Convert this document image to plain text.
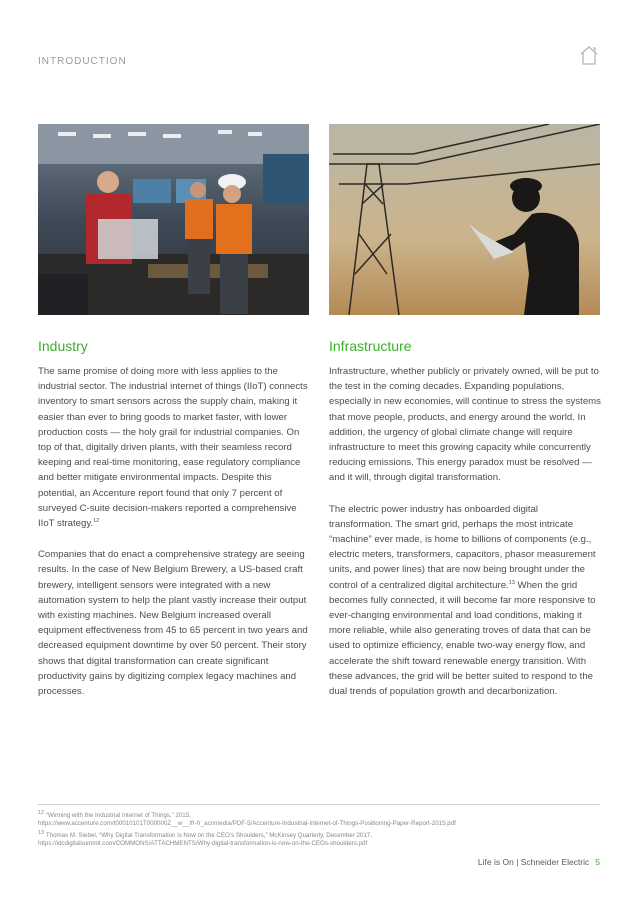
INTRODUCTION
Industry

The same promise of doing more with less applies to the industrial sector. The industrial internet of things (IIoT) connects inventory to smart sensors across the supply chain, making it easier than ever to bring goods to market faster, with lower production costs — the holy grail for industrial companies. On top of that, digitally driven plants, with their seamless record keeping and real-time monitoring, ease regulatory compliance and better mitigate environmental impacts. Despite this potential, an Accenture report found that only 7 percent of surveyed C-suite decision-makers reported a comprehensive IIoT strategy.$^{12}$

Companies that do enact a comprehensive strategy are seeing results. In the case of New Belgium Brewery, a US-based craft brewery, intelligent sensors were integrated with a new automation system to help the plant vastly increase their output with existing machines. New Belgium increased overall equipment effectiveness from 45 to 65 percent in two years and decreased equipment downtime by over 50 percent. Their story shows that digital transformation can create significant productivity gains by digitizing complex legacy machines and processes.

Infrastructure

Infrastructure, whether publicly or privately owned, will be put to the test in the coming decades. Expanding populations, especially in new economies, will continue to stress the systems that move people, products, and energy around the world. In addition, the urgency of global climate change will require infrastructure to meet this growing capacity while concurrently reducing emissions. This energy paradox must be resolved — and it will, through digital transformation.

The electric power industry has onboarded digital transformation. The smart grid, perhaps the most intricate “machine” ever made, is home to billions of components (e.g., electric meters, transformers, capacitors, phasor measurement units, and power lines) that are now being brought under the control of a centralized digital architecture.$^{13}$ When the grid becomes fully connected, it will become far more responsive to ever-changing environmental and load conditions, making it more reliable, while also generating troves of data that can be used to optimize efficiency, enable two-way energy flow, and accelerate the shift toward renewable energy transition. With these advances, the grid will be better suited to respond to the dual trends of population growth and decarbonization.

$^{12}$ “Winning with the Industrial Internet of Things,” 2015,
https://www.accenture.com/t00010101T000000Z__w__/fr-fr_acnmedia/PDF-5/Accenture-Industrial-Internet-of-Things-Positioning-Paper-Report-2015.pdf
$^{13}$ Thomas M. Siebel, “Why Digital Transformation is Now on the CEO’s Shoulders,” McKinsey Quarterly, December 2017,
https://idcdigitalsummit.com/COMMONS/ATTACHMENTS/Why-digital-transformation-is-now-on-the-CEOs-shoulders.pdf
Life is On | Schneider Electric 5
